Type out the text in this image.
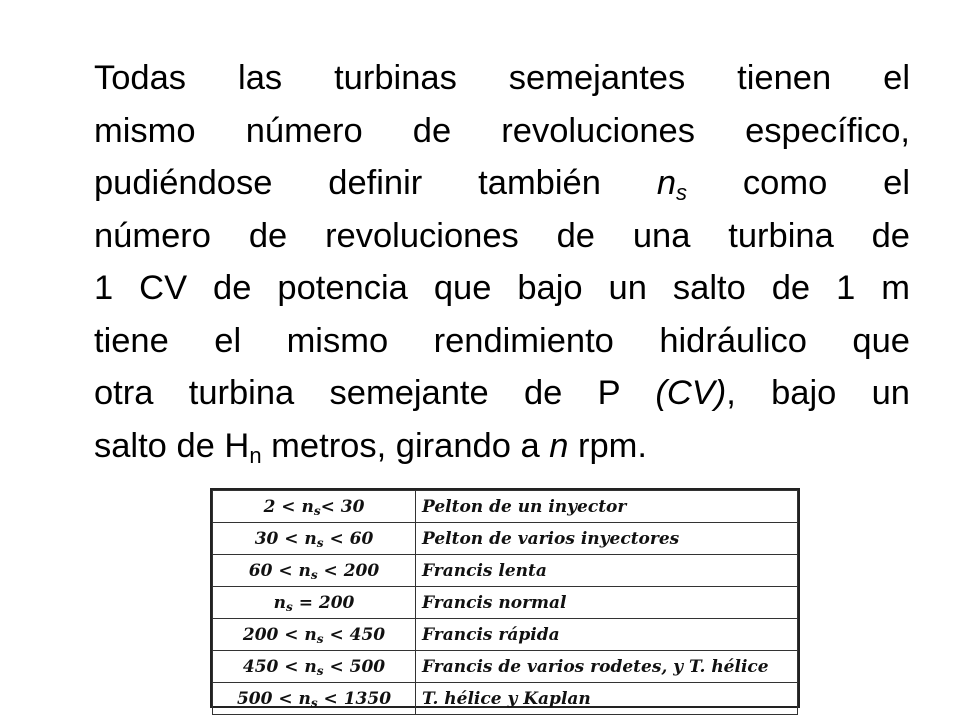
Todas las turbinas semejantes tienen el
mismo número de revoluciones específico,
pudiéndose definir también $n_s$ como el
número de revoluciones de una turbina de
1 CV de potencia que bajo un salto de 1 m
tiene el mismo rendimiento hidráulico que
otra turbina semejante de P (CV), bajo un
salto de $H_n$ metros, girando a n rpm.
$2 < n_s< 30$	Pelton de un inyector
$30 < n_s < 60$	Pelton de varios inyectores
$60 < n_s < 200$	Francis lenta
$n_s = 200$	Francis normal
$200 < n_s < 450$	Francis rápida
$450 < n_s < 500$	Francis de varios rodetes, y T. hélice
$500 < n_s < 1350$	T. hélice y Kaplan
